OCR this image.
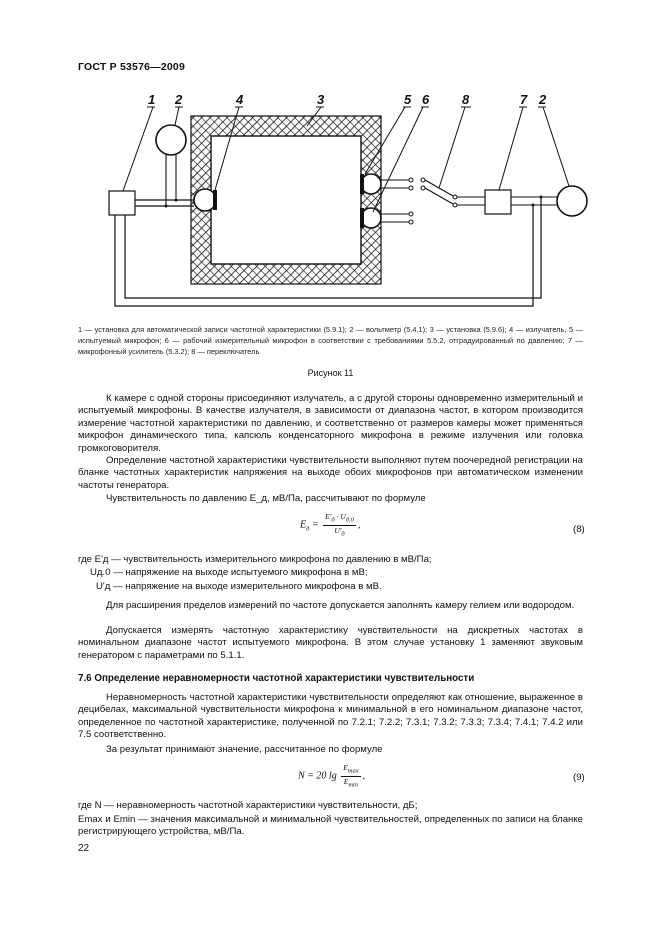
ГОСТ Р 53576—2009
1 2	4	3	5 6	8	7 2
1 — установка для автоматической записи частотной характеристики (5.9.1); 2 — вольтметр (5.4.1); 3 — установка (5.9.6); 4 — излучатель, 5 — испытуемый микрофон; 6 — рабочий измерительный микрофон в соответствии с требованиями 5.5.2, отградуированный по давлению; 7 — микрофонный усилитель (5.3.2); 8 — переключатель
Рисунок 11
К камере с одной стороны присоединяют излучатель, а с другой стороны одновременно измерительный и испытуемый микрофоны. В качестве излучателя, в зависимости от диапазона частот, в котором производится измерение частотной характеристики по давлению, и соответственно от размеров камеры может применяться микрофон динамического типа, капсюль конденсаторного микрофона в режиме излучения или головка громкоговорителя.
Определение частотной характеристики чувствительности выполняют путем поочередной регистрации на бланке частотных характеристик напряжения на выходе обоих микрофонов при автоматическом изменении частоты генератора.
Чувствительность по давлению E_д, мВ/Па, рассчитывают по формуле
$E_д = \frac{E'_д \cdot U_{д.0}}{U'_д}$ ,	(8)
где E'д — чувствительность измерительного микрофона по давлению в мВ/Па;
Uд.0 — напряжение на выходе испытуемого микрофона в мВ;
U'д — напряжение на выходе измерительного микрофона в мВ.
Для расширения пределов измерений по частоте допускается заполнять камеру гелием или водородом.
Допускается измерять частотную характеристику чувствительности на дискретных частотах в номинальном диапазоне частот испытуемого микрофона. В этом случае установку 1 заменяют звуковым генератором с параметрами по 5.1.1.
7.6 Определение неравномерности частотной характеристики чувствительности
Неравномерность частотной характеристики чувствительности определяют как отношение, выраженное в децибелах, максимальной чувствительности микрофона к минимальной в его номинальном диапазоне частот, определенное по частотной характеристике, полученной по 7.2.1; 7.2.2; 7.3.1; 7.3.2; 7.3.3; 7.3.4; 7.4.1; 7.4.2 или 7.5 соответственно.
За результат принимают значение, рассчитанное по формуле
N = 20 $\lg \frac{E_{max}}{E_{min}}$ ,	(9)
где N — неравномерность частотной характеристики чувствительности, дБ;
Emax и Emin — значения максимальной и минимальной чувствительностей, определенных по записи на бланке регистрирующего устройства, мВ/Па.
22
